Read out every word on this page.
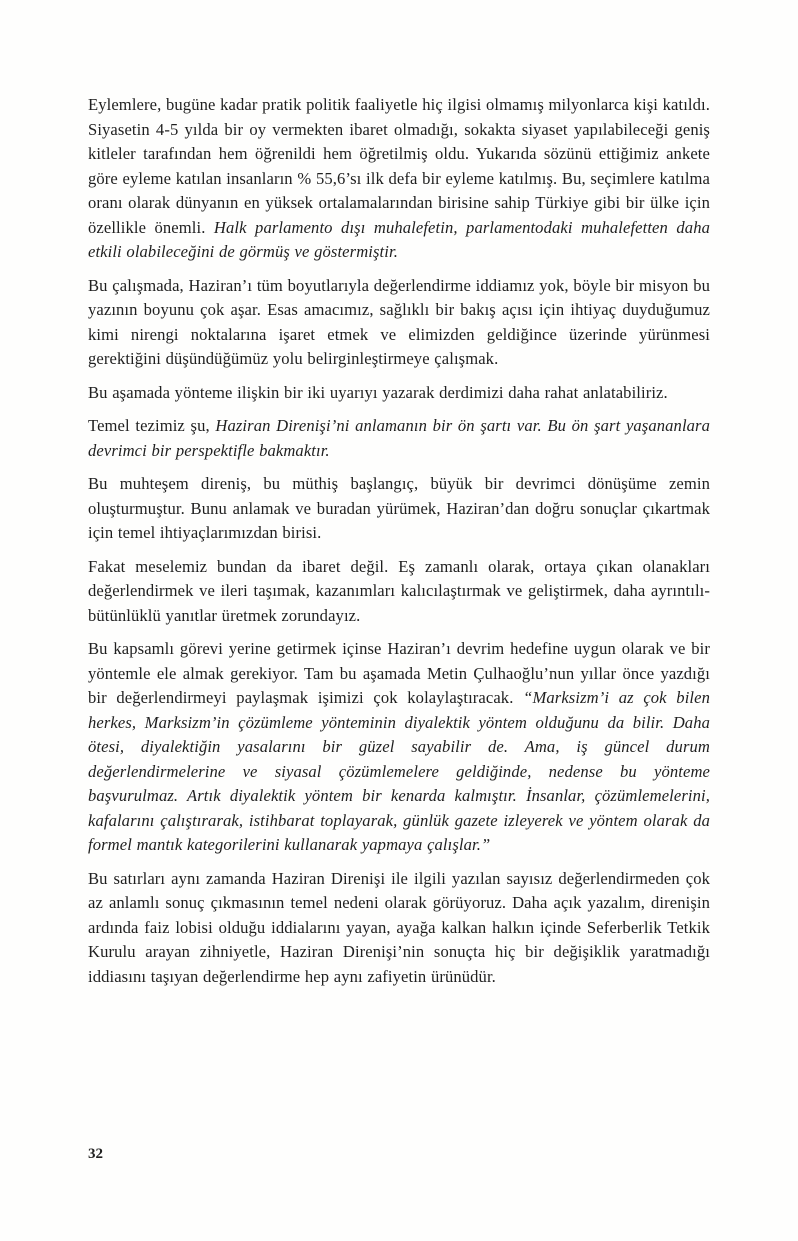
Eylemlere, bugüne kadar pratik politik faaliyetle hiç ilgisi olmamış milyonlarca kişi katıldı. Siyasetin 4-5 yılda bir oy vermekten ibaret olmadığı, sokakta siyaset yapılabileceği geniş kitleler tarafından hem öğrenildi hem öğretilmiş oldu. Yukarıda sözünü ettiğimiz ankete göre eyleme katılan insanların % 55,6’sı ilk defa bir eyleme katılmış. Bu, seçimlere katılma oranı olarak dünyanın en yüksek ortalamalarından birisine sahip Türkiye gibi bir ülke için özellikle önemli. Halk parlamento dışı muhalefetin, parlamentodaki muhalefetten daha etkili olabileceğini de görmüş ve göstermiştir.

Bu çalışmada, Haziran’ı tüm boyutlarıyla değerlendirme iddiamız yok, böyle bir misyon bu yazının boyunu çok aşar. Esas amacımız, sağlıklı bir bakış açısı için ihtiyaç duyduğumuz kimi nirengi noktalarına işaret etmek ve elimizden geldiğince üzerinde yürünmesi gerektiğini düşündüğümüz yolu belirginleştirmeye çalışmak.

Bu aşamada yönteme ilişkin bir iki uyarıyı yazarak derdimizi daha rahat anlatabiliriz.

Temel tezimiz şu, Haziran Direnişi’ni anlamanın bir ön şartı var. Bu ön şart yaşananlara devrimci bir perspektifle bakmaktır.

Bu muhteşem direniş, bu müthiş başlangıç, büyük bir devrimci dönüşüme zemin oluşturmuştur. Bunu anlamak ve buradan yürümek, Haziran’dan doğru sonuçlar çıkartmak için temel ihtiyaçlarımızdan birisi.

Fakat meselemiz bundan da ibaret değil. Eş zamanlı olarak, ortaya çıkan olanakları değerlendirmek ve ileri taşımak, kazanımları kalıcılaştırmak ve geliştirmek, daha ayrıntılı-bütünlüklü yanıtlar üretmek zorundayız.

Bu kapsamlı görevi yerine getirmek içinse Haziran’ı devrim hedefine uygun olarak ve bir yöntemle ele almak gerekiyor. Tam bu aşamada Metin Çulhaoğlu’nun yıllar önce yazdığı bir değerlendirmeyi paylaşmak işimizi çok kolaylaştıracak. “Marksizm’i az çok bilen herkes, Marksizm’in çözümleme yönteminin diyalektik yöntem olduğunu da bilir. Daha ötesi, diyalektiğin yasalarını bir güzel sayabilir de. Ama, iş güncel durum değerlendirmelerine ve siyasal çözümlemelere geldiğinde, nedense bu yönteme başvurulmaz. Artık diyalektik yöntem bir kenarda kalmıştır. İnsanlar, çözümlemelerini, kafalarını çalıştırarak, istihbarat toplayarak, günlük gazete izleyerek ve yöntem olarak da formel mantık kategorilerini kullanarak yapmaya çalışlar.”

Bu satırları aynı zamanda Haziran Direnişi ile ilgili yazılan sayısız değerlendirmeden çok az anlamlı sonuç çıkmasının temel nedeni olarak görüyoruz. Daha açık yazalım, direnişin ardında faiz lobisi olduğu iddialarını yayan, ayağa kalkan halkın içinde Seferberlik Tetkik Kurulu arayan zihniyetle, Haziran Direnişi’nin sonuçta hiç bir değişiklik yaratmadığı iddiasını taşıyan değerlendirme hep aynı zafiyetin ürünüdür.

32
